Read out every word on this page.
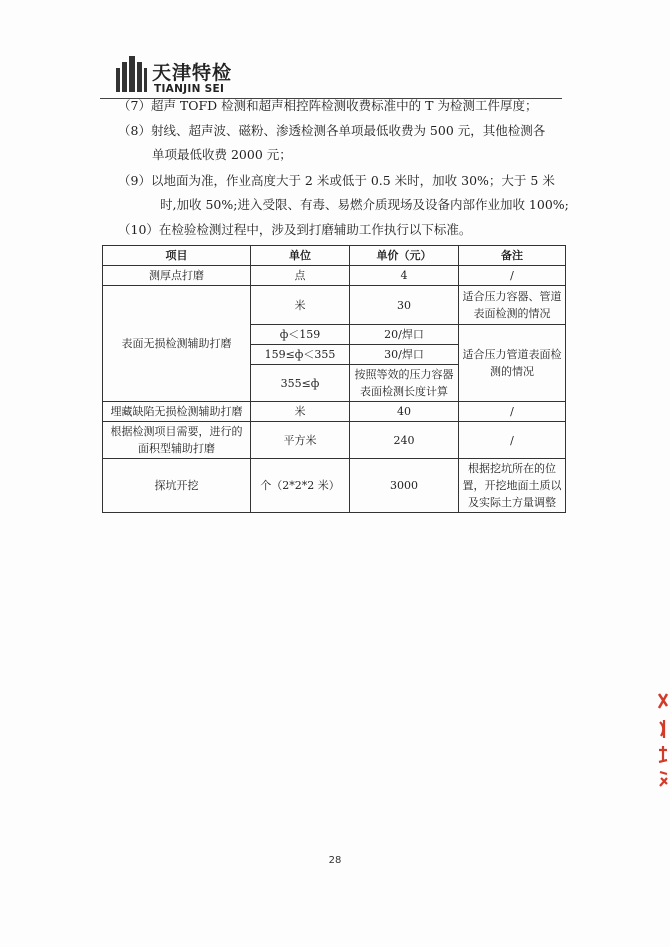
天津特检
TIANJIN SEI
（7）超声 TOFD 检测和超声相控阵检测收费标准中的 T 为检测工件厚度；
（8）射线、超声波、磁粉、渗透检测各单项最低收费为 500 元，其他检测各
单项最低收费 2000 元；
（9）以地面为准，作业高度大于 2 米或低于 0.5 米时，加收 30%；大于 5 米
时,加收 50%;进入受限、有毒、易燃介质现场及设备内部作业加收 100%;
（10）在检验检测过程中，涉及到打磨辅助工作执行以下标准。
项目	单位	单价（元）	备注
测厚点打磨	点	4	/
表面无损检测辅助打磨	米	30	适合压力容器、管道表面检测的情况
	ф＜159	20/焊口	适合压力管道表面检测的情况
	159≤ф＜355	30/焊口	
	355≤ф	按照等效的压力容器表面检测长度计算	
埋藏缺陷无损检测辅助打磨	米	40	/
根据检测项目需要，进行的面积型辅助打磨	平方米	240	/
探坑开挖	个（2*2*2 米）	3000	根据挖坑所在的位置，开挖地面土质以及实际土方量调整
28
